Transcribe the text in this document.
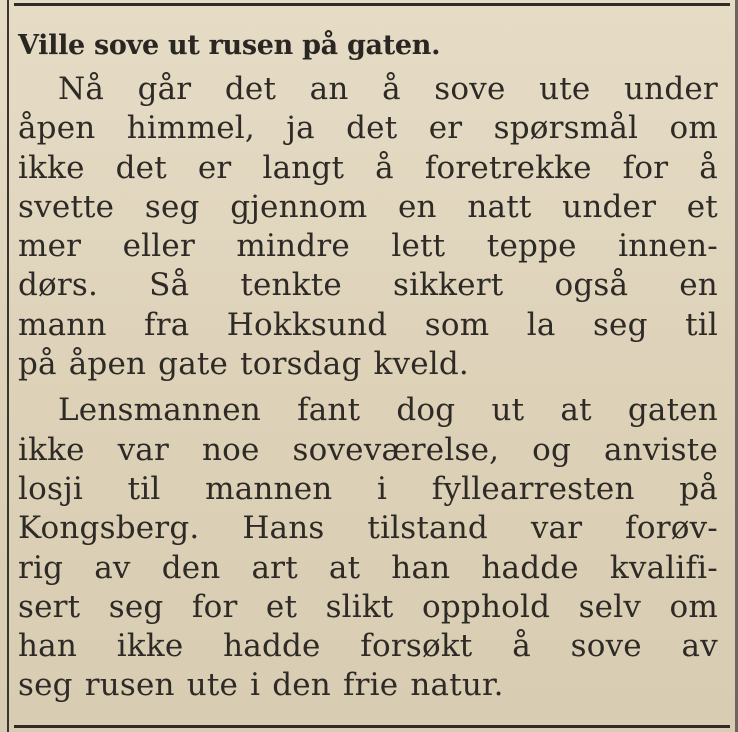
Ville sove ut rusen på gaten.
Nå går det an å sove ute under
åpen himmel, ja det er spørsmål om
ikke det er langt å foretrekke for å
svette seg gjennom en natt under et
mer eller mindre lett teppe innen-
dørs. Så tenkte sikkert også en
mann fra Hokksund som la seg til
på åpen gate torsdag kveld.
Lensmannen fant dog ut at gaten
ikke var noe soveværelse, og anviste
losji til mannen i fyllearresten på
Kongsberg. Hans tilstand var forøv-
rig av den art at han hadde kvalifi-
sert seg for et slikt opphold selv om
han ikke hadde forsøkt å sove av
seg rusen ute i den frie natur.
